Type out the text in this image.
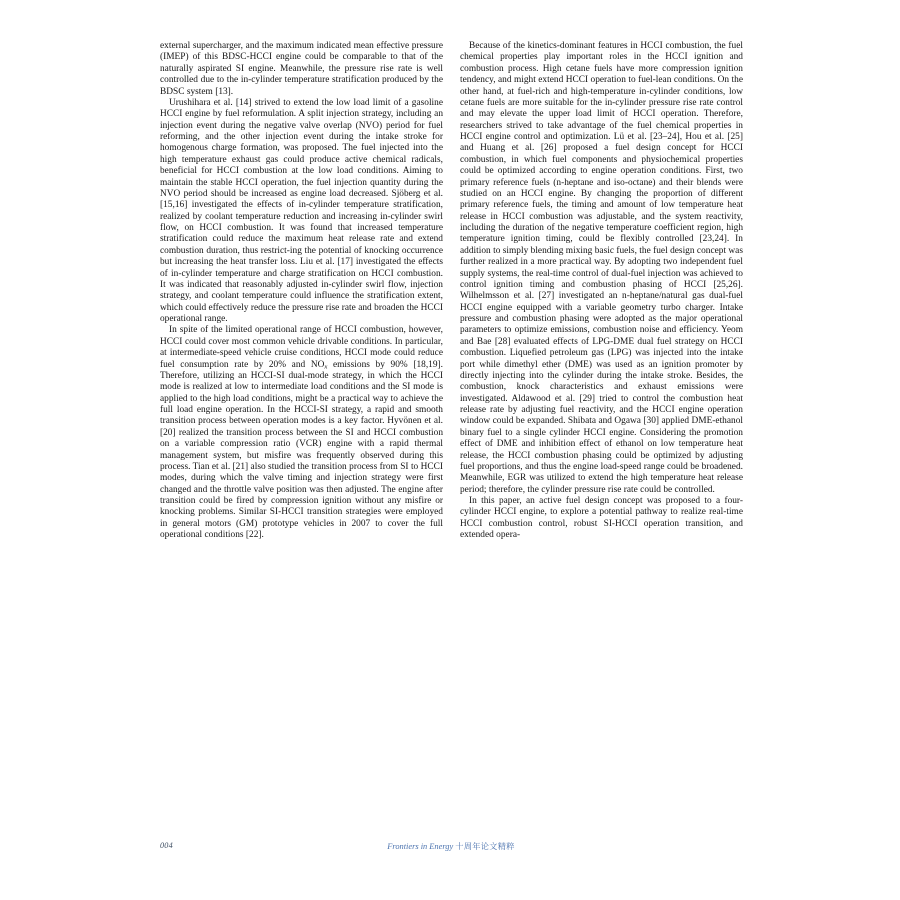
external supercharger, and the maximum indicated mean effective pressure (IMEP) of this BDSC-HCCI engine could be comparable to that of the naturally aspirated SI engine. Meanwhile, the pressure rise rate is well controlled due to the in-cylinder temperature stratification produced by the BDSC system [13].

Urushihara et al. [14] strived to extend the low load limit of a gasoline HCCI engine by fuel reformulation. A split injection strategy, including an injection event during the negative valve overlap (NVO) period for fuel reforming, and the other injection event during the intake stroke for homogenous charge formation, was proposed. The fuel injected into the high temperature exhaust gas could produce active chemical radicals, beneficial for HCCI combustion at the low load conditions. Aiming to maintain the stable HCCI operation, the fuel injection quantity during the NVO period should be increased as engine load decreased. Sjöberg et al. [15,16] investigated the effects of in-cylinder temperature stratification, realized by coolant temperature reduction and increasing in-cylinder swirl flow, on HCCI combustion. It was found that increased temperature stratification could reduce the maximum heat release rate and extend combustion duration, thus restrict-ing the potential of knocking occurrence but increasing the heat transfer loss. Liu et al. [17] investigated the effects of in-cylinder temperature and charge stratification on HCCI combustion. It was indicated that reasonably adjusted in-cylinder swirl flow, injection strategy, and coolant temperature could influence the stratification extent, which could effectively reduce the pressure rise rate and broaden the HCCI operational range.

In spite of the limited operational range of HCCI combustion, however, HCCI could cover most common vehicle drivable conditions. In particular, at intermediate-speed vehicle cruise conditions, HCCI mode could reduce fuel consumption rate by 20% and $NO_x$ emissions by 90% [18,19]. Therefore, utilizing an HCCI-SI dual-mode strategy, in which the HCCI mode is realized at low to intermediate load conditions and the SI mode is applied to the high load conditions, might be a practical way to achieve the full load engine operation. In the HCCI-SI strategy, a rapid and smooth transition process between operation modes is a key factor. Hyvönen et al. [20] realized the transition process between the SI and HCCI combustion on a variable compression ratio (VCR) engine with a rapid thermal management system, but misfire was frequently observed during this process. Tian et al. [21] also studied the transition process from SI to HCCI modes, during which the valve timing and injection strategy were first changed and the throttle valve position was then adjusted. The engine after transition could be fired by compression ignition without any misfire or knocking problems. Similar SI-HCCI transition strategies were employed in general motors (GM) prototype vehicles in 2007 to cover the full operational conditions [22].

Because of the kinetics-dominant features in HCCI combustion, the fuel chemical properties play important roles in the HCCI ignition and combustion process. High cetane fuels have more compression ignition tendency, and might extend HCCI operation to fuel-lean conditions. On the other hand, at fuel-rich and high-temperature in-cylinder conditions, low cetane fuels are more suitable for the in-cylinder pressure rise rate control and may elevate the upper load limit of HCCI operation. Therefore, researchers strived to take advantage of the fuel chemical properties in HCCI engine control and optimization. Lü et al. [23–24], Hou et al. [25] and Huang et al. [26] proposed a fuel design concept for HCCI combustion, in which fuel components and physiochemical properties could be optimized according to engine operation conditions. First, two primary reference fuels (n-heptane and iso-octane) and their blends were studied on an HCCI engine. By changing the proportion of different primary reference fuels, the timing and amount of low temperature heat release in HCCI combustion was adjustable, and the system reactivity, including the duration of the negative temperature coefficient region, high temperature ignition timing, could be flexibly controlled [23,24]. In addition to simply blending mixing basic fuels, the fuel design concept was further realized in a more practical way. By adopting two independent fuel supply systems, the real-time control of dual-fuel injection was achieved to control ignition timing and combustion phasing of HCCI [25,26]. Wilhelmsson et al. [27] investigated an n-heptane/natural gas dual-fuel HCCI engine equipped with a variable geometry turbo charger. Intake pressure and combustion phasing were adopted as the major operational parameters to optimize emissions, combustion noise and efficiency. Yeom and Bae [28] evaluated effects of LPG-DME dual fuel strategy on HCCI combustion. Liquefied petroleum gas (LPG) was injected into the intake port while dimethyl ether (DME) was used as an ignition promoter by directly injecting into the cylinder during the intake stroke. Besides, the combustion, knock characteristics and exhaust emissions were investigated. Aldawood et al. [29] tried to control the combustion heat release rate by adjusting fuel reactivity, and the HCCI engine operation window could be expanded. Shibata and Ogawa [30] applied DME-ethanol binary fuel to a single cylinder HCCI engine. Considering the promotion effect of DME and inhibition effect of ethanol on low temperature heat release, the HCCI combustion phasing could be optimized by adjusting fuel proportions, and thus the engine load-speed range could be broadened. Meanwhile, EGR was utilized to extend the high temperature heat release period; therefore, the cylinder pressure rise rate could be controlled.

In this paper, an active fuel design concept was proposed to a four-cylinder HCCI engine, to explore a potential pathway to realize real-time HCCI combustion control, robust SI-HCCI operation transition, and extended opera-

004	Frontiers in Energy 十周年论文精粹
